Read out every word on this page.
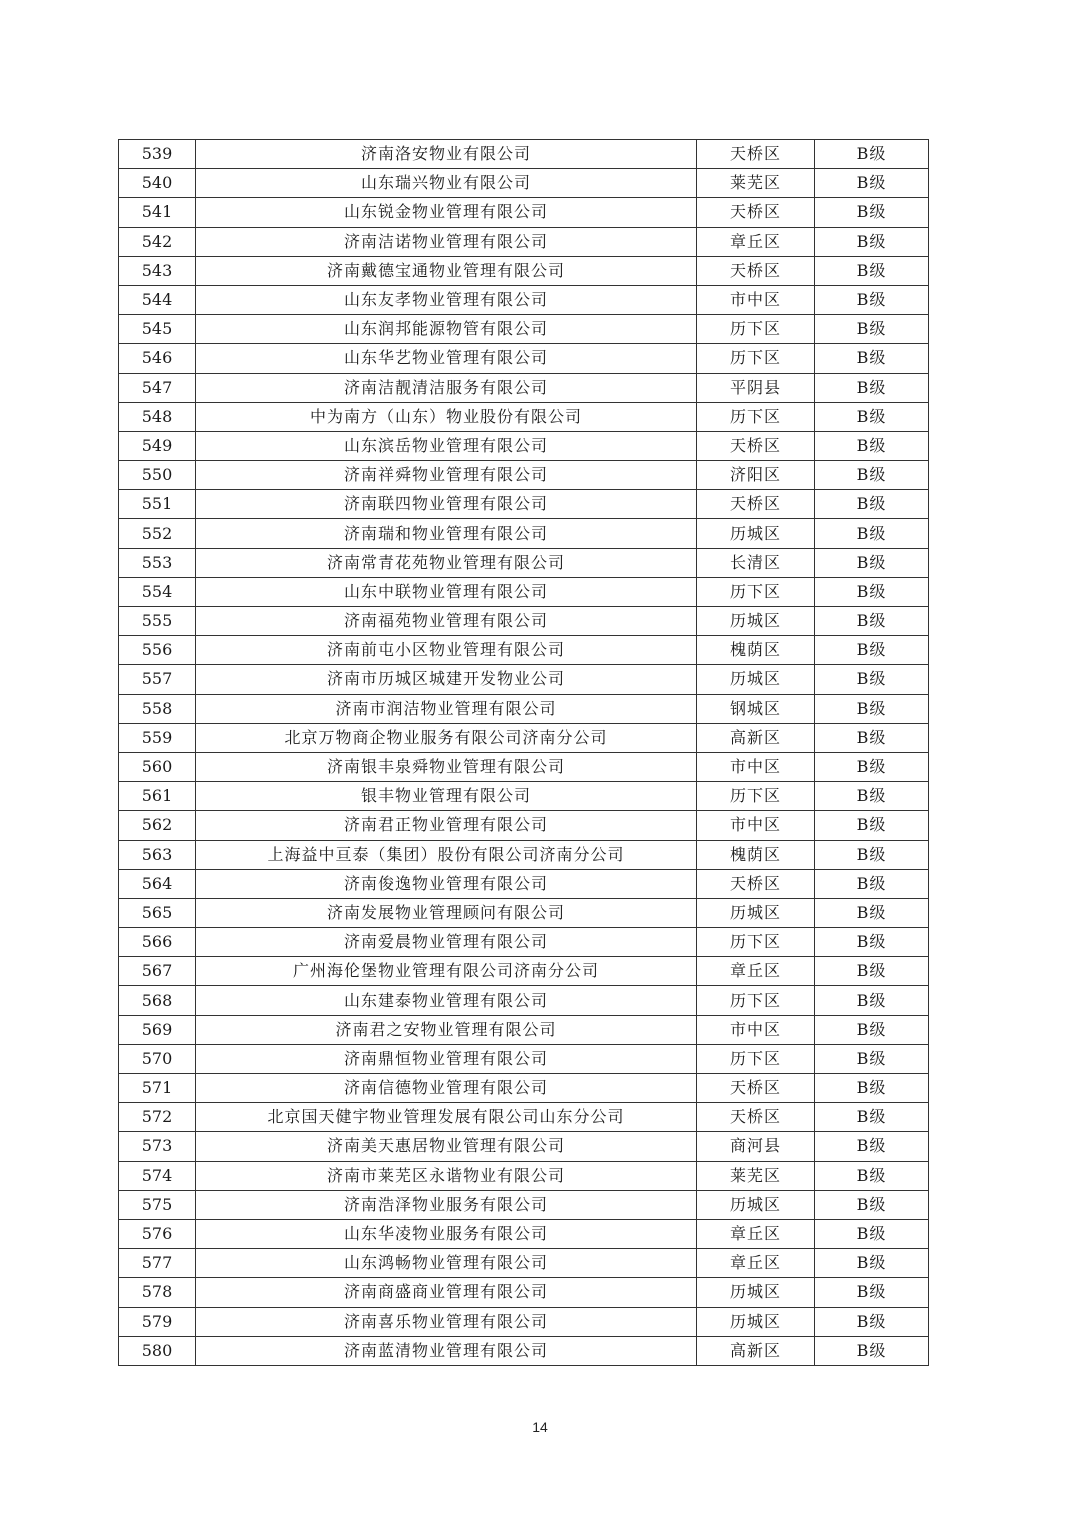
539	济南洛安物业有限公司	天桥区	B级
540	山东瑞兴物业有限公司	莱芜区	B级
541	山东锐金物业管理有限公司	天桥区	B级
542	济南洁诺物业管理有限公司	章丘区	B级
543	济南戴德宝通物业管理有限公司	天桥区	B级
544	山东友孝物业管理有限公司	市中区	B级
545	山东润邦能源物管有限公司	历下区	B级
546	山东华艺物业管理有限公司	历下区	B级
547	济南洁靓清洁服务有限公司	平阴县	B级
548	中为南方（山东）物业股份有限公司	历下区	B级
549	山东滨岳物业管理有限公司	天桥区	B级
550	济南祥舜物业管理有限公司	济阳区	B级
551	济南联四物业管理有限公司	天桥区	B级
552	济南瑞和物业管理有限公司	历城区	B级
553	济南常青花苑物业管理有限公司	长清区	B级
554	山东中联物业管理有限公司	历下区	B级
555	济南福苑物业管理有限公司	历城区	B级
556	济南前屯小区物业管理有限公司	槐荫区	B级
557	济南市历城区城建开发物业公司	历城区	B级
558	济南市润洁物业管理有限公司	钢城区	B级
559	北京万物商企物业服务有限公司济南分公司	高新区	B级
560	济南银丰泉舜物业管理有限公司	市中区	B级
561	银丰物业管理有限公司	历下区	B级
562	济南君正物业管理有限公司	市中区	B级
563	上海益中亘泰（集团）股份有限公司济南分公司	槐荫区	B级
564	济南俊逸物业管理有限公司	天桥区	B级
565	济南发展物业管理顾问有限公司	历城区	B级
566	济南爱晨物业管理有限公司	历下区	B级
567	广州海伦堡物业管理有限公司济南分公司	章丘区	B级
568	山东建泰物业管理有限公司	历下区	B级
569	济南君之安物业管理有限公司	市中区	B级
570	济南鼎恒物业管理有限公司	历下区	B级
571	济南信德物业管理有限公司	天桥区	B级
572	北京国天健宇物业管理发展有限公司山东分公司	天桥区	B级
573	济南美天惠居物业管理有限公司	商河县	B级
574	济南市莱芜区永谐物业有限公司	莱芜区	B级
575	济南浩泽物业服务有限公司	历城区	B级
576	山东华凌物业服务有限公司	章丘区	B级
577	山东鸿畅物业管理有限公司	章丘区	B级
578	济南商盛商业管理有限公司	历城区	B级
579	济南喜乐物业管理有限公司	历城区	B级
580	济南蓝清物业管理有限公司	高新区	B级
14
